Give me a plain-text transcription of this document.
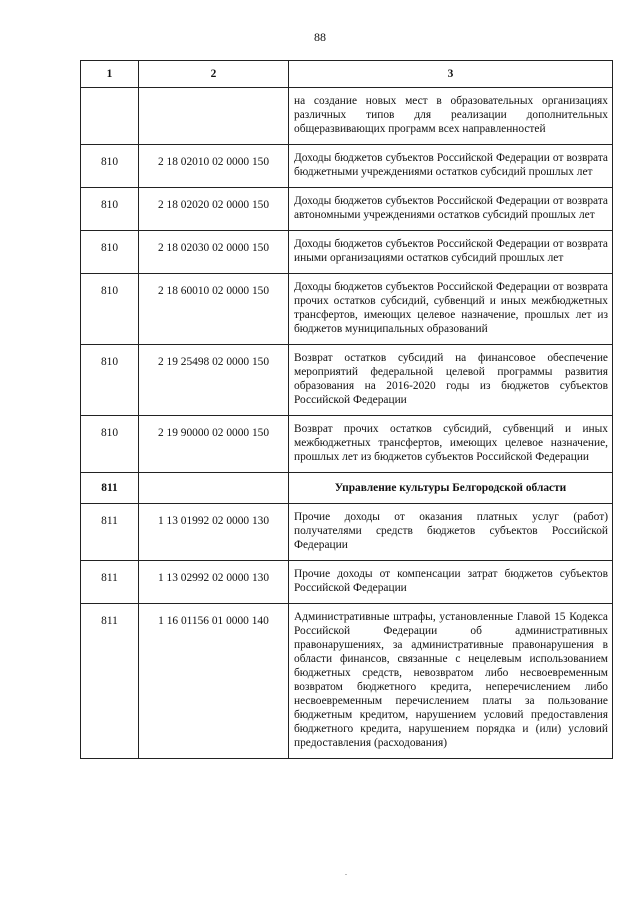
88
1	2	3
		на создание новых мест в образовательных организациях различных типов для реализации дополнительных общеразвивающих программ всех направленностей
810	2 18 02010 02 0000 150	Доходы бюджетов субъектов Российской Федерации от возврата бюджетными учреждениями остатков субсидий прошлых лет
810	2 18 02020 02 0000 150	Доходы бюджетов субъектов Российской Федерации от возврата автономными учреждениями остатков субсидий прошлых лет
810	2 18 02030 02 0000 150	Доходы бюджетов субъектов Российской Федерации от возврата иными организациями остатков субсидий прошлых лет
810	2 18 60010 02 0000 150	Доходы бюджетов субъектов Российской Федерации от возврата прочих остатков субсидий, субвенций и иных межбюджетных трансфертов, имеющих целевое назначение, прошлых лет из бюджетов муниципальных образований
810	2 19 25498 02 0000 150	Возврат остатков субсидий на финансовое обеспечение мероприятий федеральной целевой программы развития образования на 2016-2020 годы из бюджетов субъектов Российской Федерации
810	2 19 90000 02 0000 150	Возврат прочих остатков субсидий, субвенций и иных межбюджетных трансфертов, имеющих целевое назначение, прошлых лет из бюджетов субъектов Российской Федерации
811		Управление культуры Белгородской области
811	1 13 01992 02 0000 130	Прочие доходы от оказания платных услуг (работ) получателями средств бюджетов субъектов Российской Федерации
811	1 13 02992 02 0000 130	Прочие доходы от компенсации затрат бюджетов субъектов Российской Федерации
811	1 16 01156 01 0000 140	Административные штрафы, установленные Главой 15 Кодекса Российской Федерации об административных правонарушениях, за административные правонарушения в области финансов, связанные с нецелевым использованием бюджетных средств, невозвратом либо несвоевременным возвратом бюджетного кредита, неперечислением либо несвоевременным перечислением платы за пользование бюджетным кредитом, нарушением условий предоставления бюджетного кредита, нарушением порядка и (или) условий предоставления (расходования)
